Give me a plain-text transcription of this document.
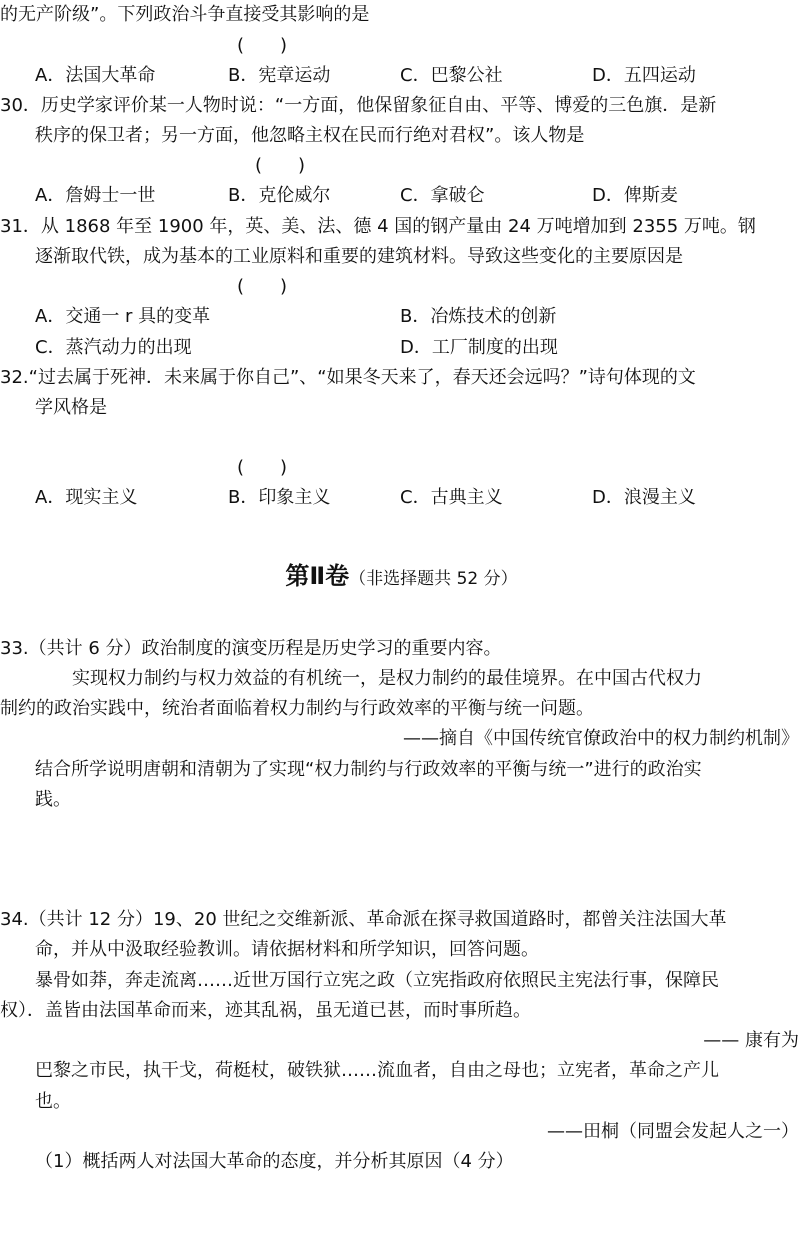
的无产阶级”。下列政治斗争直接受其影响的是
(　　)
A．法国大革命	B．宪章运动	C．巴黎公社	D．五四运动
30．历史学家评价某一人物时说：“一方面，他保留象征自由、平等、博爱的三色旗．是新
秩序的保卫者；另一方面，他忽略主权在民而行绝对君权”。该人物是
(　　)
A．詹姆士一世	B．克伦威尔	C．拿破仑	D．俾斯麦
31．从 1868 年至 1900 年，英、美、法、德 4 国的钢产量由 24 万吨增加到 2355 万吨。钢
逐渐取代铁，成为基本的工业原料和重要的建筑材料。导致这些变化的主要原因是
(　　)
A．交通一 r 具的变革	B．冶炼技术的创新
C．蒸汽动力的出现	D．工厂制度的出现
32.“过去属于死神．未来属于你自己”、“如果冬天来了，春天还会远吗？”诗句体现的文
学风格是
(　　)
A．现实主义	B．印象主义	C．古典主义	D．浪漫主义
第Ⅱ卷（非选择题共 52 分）
33.（共计 6 分）政治制度的演变历程是历史学习的重要内容。
实现权力制约与权力效益的有机统一，是权力制约的最佳境界。在中国古代权力
制约的政治实践中，统治者面临着权力制约与行政效率的平衡与统一问题。
——摘自《中国传统官僚政治中的权力制约机制》
结合所学说明唐朝和清朝为了实现“权力制约与行政效率的平衡与统一”进行的政治实
践。
34.（共计 12 分）19、20 世纪之交维新派、革命派在探寻救国道路时，都曾关注法国大革
命，并从中汲取经验教训。请依据材料和所学知识，回答问题。
暴骨如莽，奔走流离……近世万国行立宪之政（立宪指政府依照民主宪法行事，保障民
权）．盖皆由法国革命而来，迹其乱祸，虽无道已甚，而时事所趋。
—— 康有为
巴黎之市民，执干戈，荷梃杖，破铁狱……流血者，自由之母也；立宪者，革命之产儿
也。
——田桐（同盟会发起人之一）
（1）概括两人对法国大革命的态度，并分析其原因（4 分）
